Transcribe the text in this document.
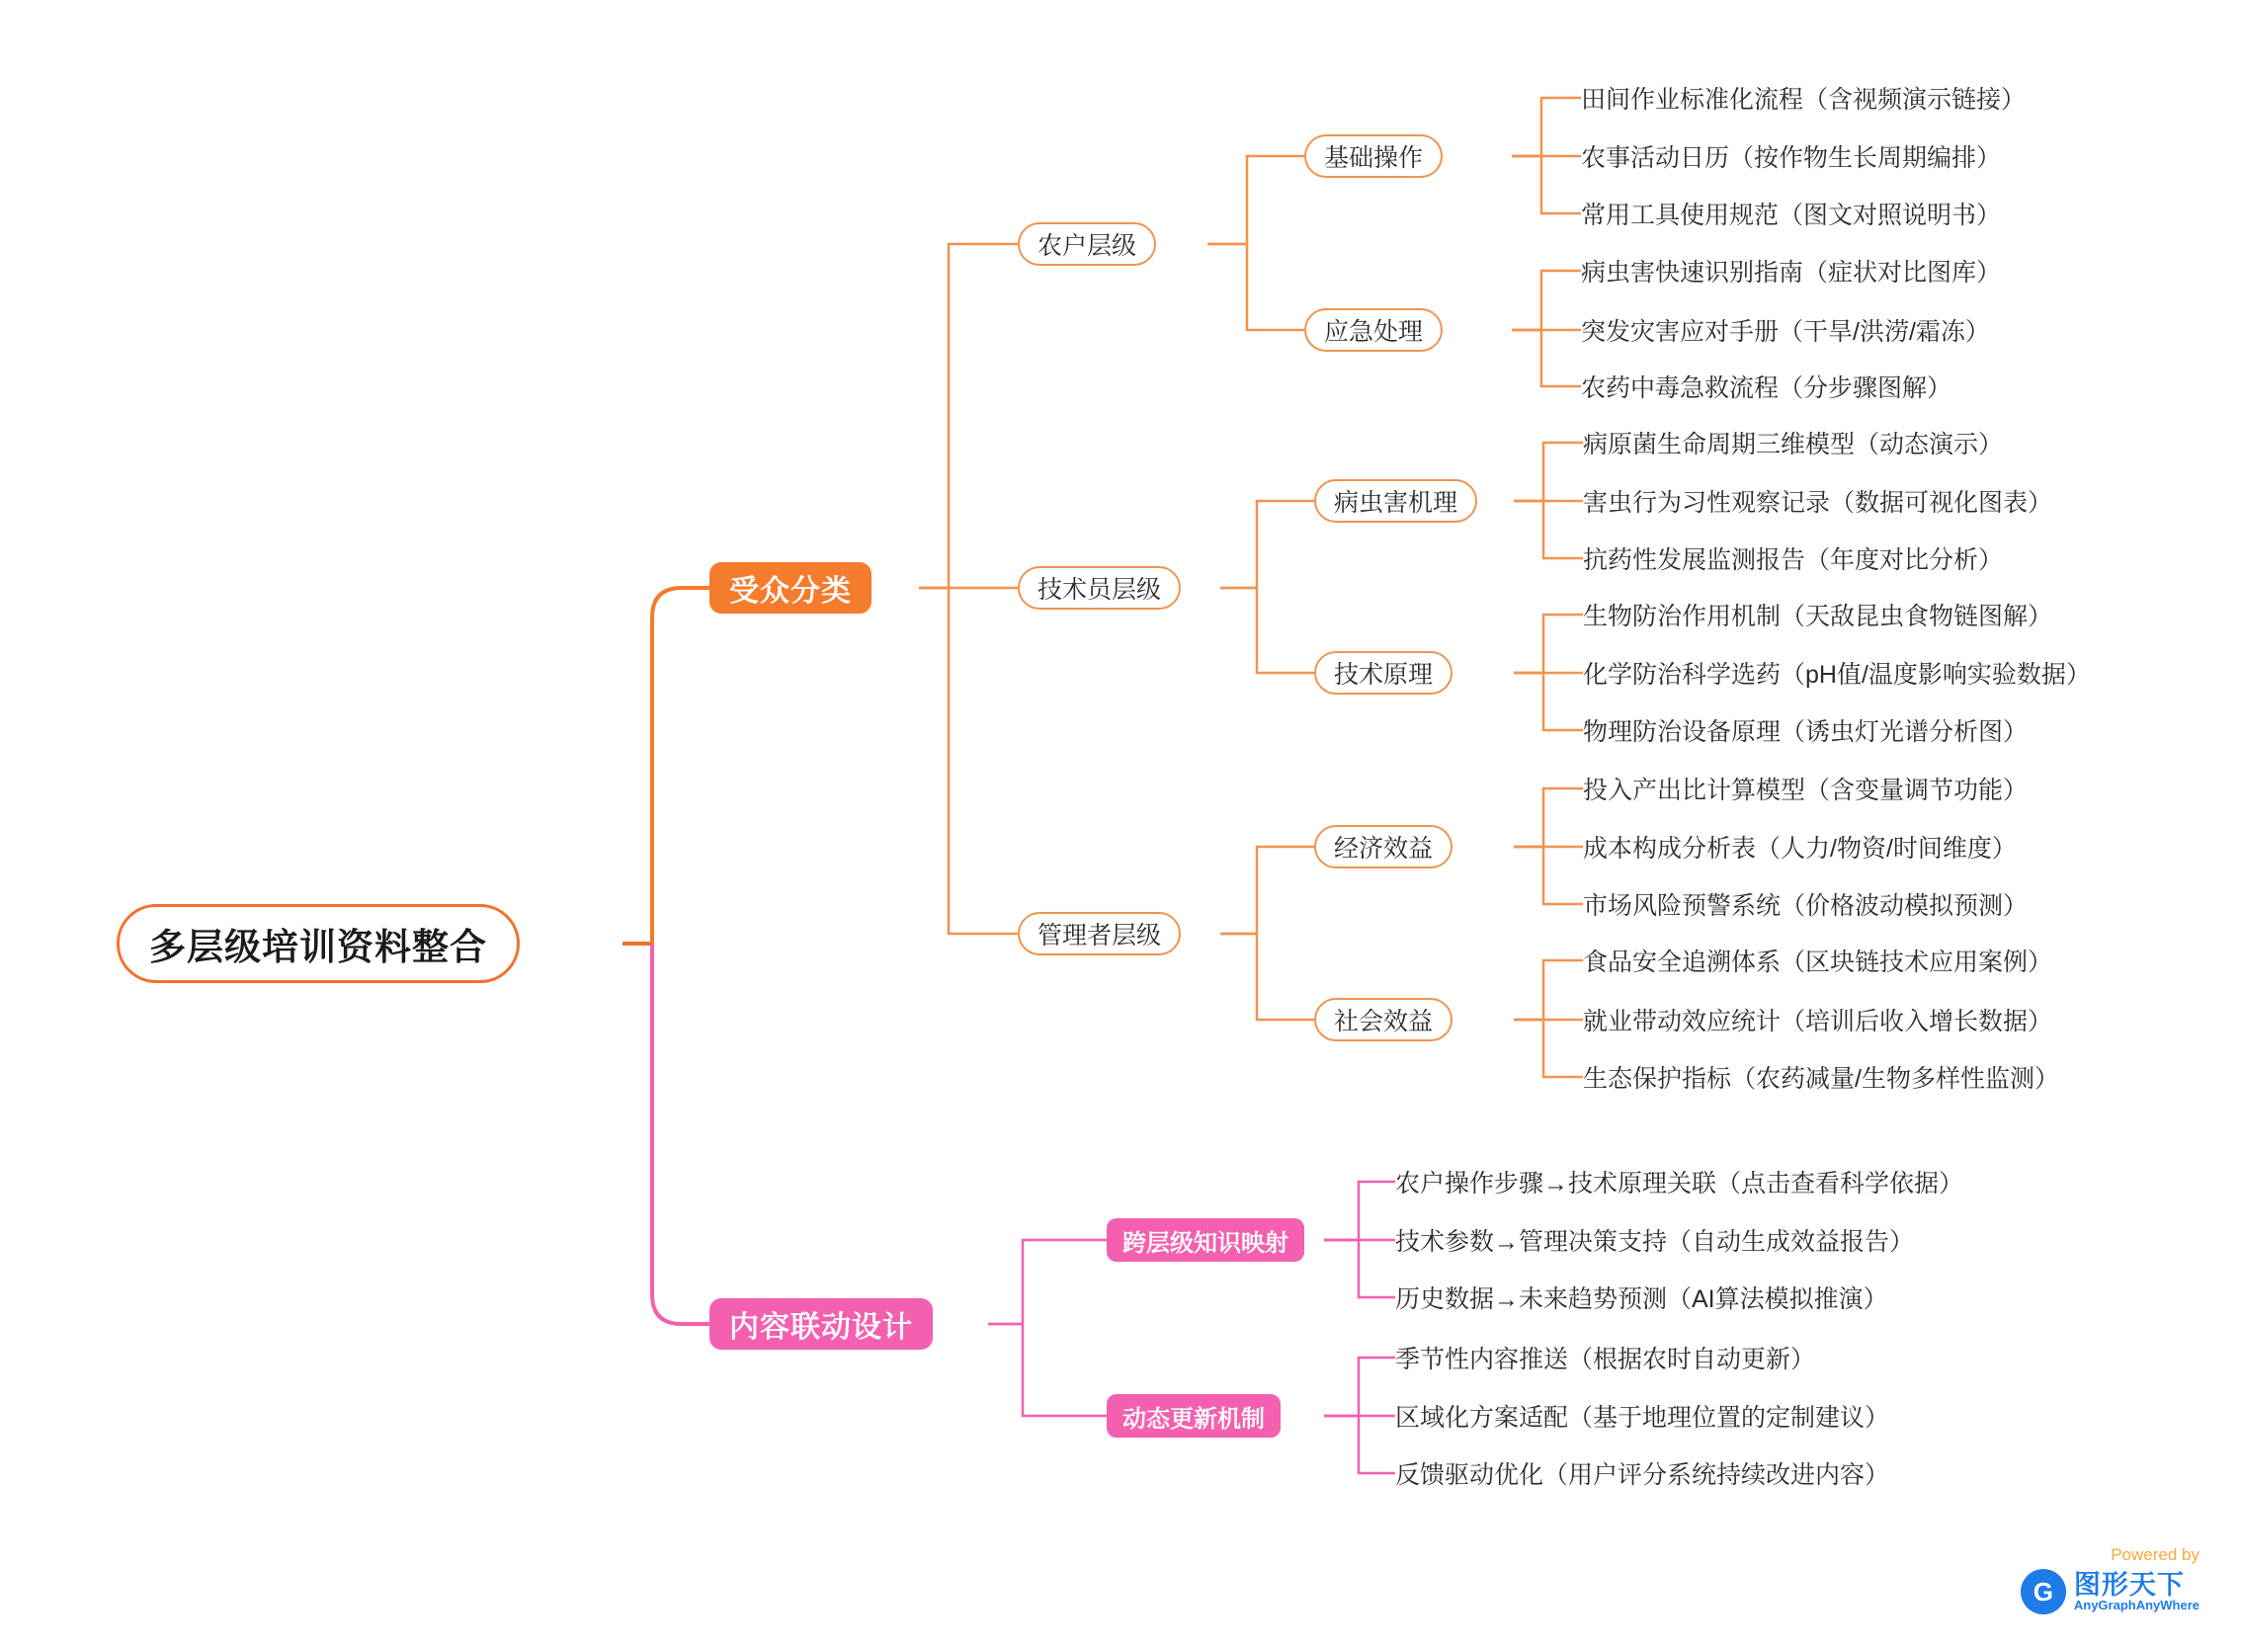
多层级培训资料整合
受众分类
农户层级
技术员层级
管理者层级
基础操作
应急处理
病虫害机理
技术原理
经济效益
社会效益
田间作业标准化流程（含视频演示链接）
农事活动日历（按作物生长周期编排）
常用工具使用规范（图文对照说明书）
病虫害快速识别指南（症状对比图库）
突发灾害应对手册（干旱/洪涝/霜冻）
农药中毒急救流程（分步骤图解）
病原菌生命周期三维模型（动态演示）
害虫行为习性观察记录（数据可视化图表）
抗药性发展监测报告（年度对比分析）
生物防治作用机制（天敌昆虫食物链图解）
化学防治科学选药（pH值/温度影响实验数据）
物理防治设备原理（诱虫灯光谱分析图）
投入产出比计算模型（含变量调节功能）
成本构成分析表（人力/物资/时间维度）
市场风险预警系统（价格波动模拟预测）
食品安全追溯体系（区块链技术应用案例）
就业带动效应统计（培训后收入增长数据）
生态保护指标（农药减量/生物多样性监测）
内容联动设计
跨层级知识映射
动态更新机制
农户操作步骤→技术原理关联（点击查看科学依据）
技术参数→管理决策支持（自动生成效益报告）
历史数据→未来趋势预测（AI算法模拟推演）
季节性内容推送（根据农时自动更新）
区域化方案适配（基于地理位置的定制建议）
反馈驱动优化（用户评分系统持续改进内容）
Powered by
G 图形天下
AnyGraphAnyWhere
